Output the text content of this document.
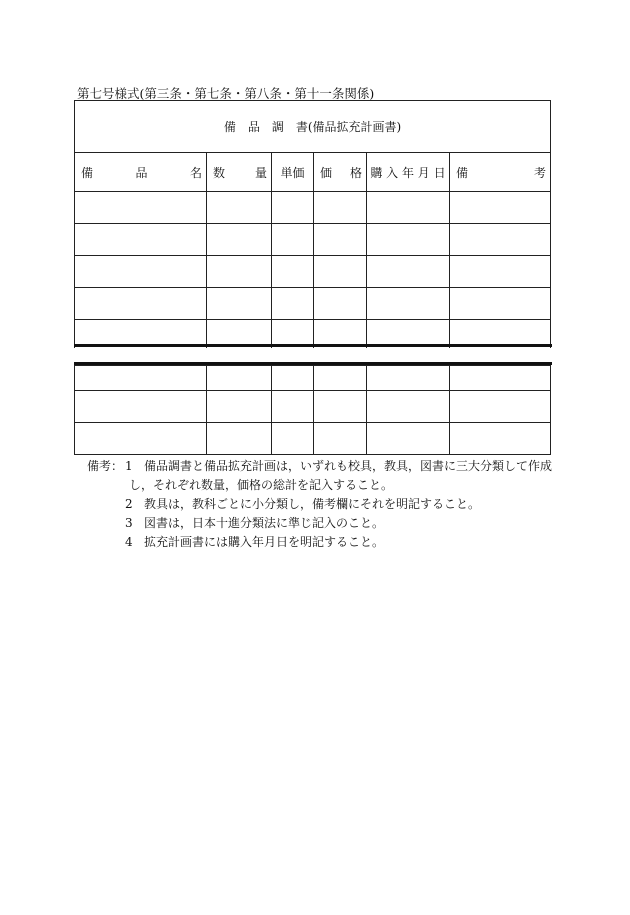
第七号様式(第三条・第七条・第八条・第十一条関係)
備　品　調　書(備品拡充計画書)					

備 品 名	数 量	単価	価 格	購 入 年 月 日	備 考

備考： 1 備品調書と備品拡充計画は，いずれも校具，教具，図書に三大分類して作成
し，それぞれ数量，価格の総計を記入すること。
2 教具は，教科ごとに小分類し，備考欄にそれを明記すること。
3 図書は，日本十進分類法に準じ記入のこと。
4 拡充計画書には購入年月日を明記すること。
